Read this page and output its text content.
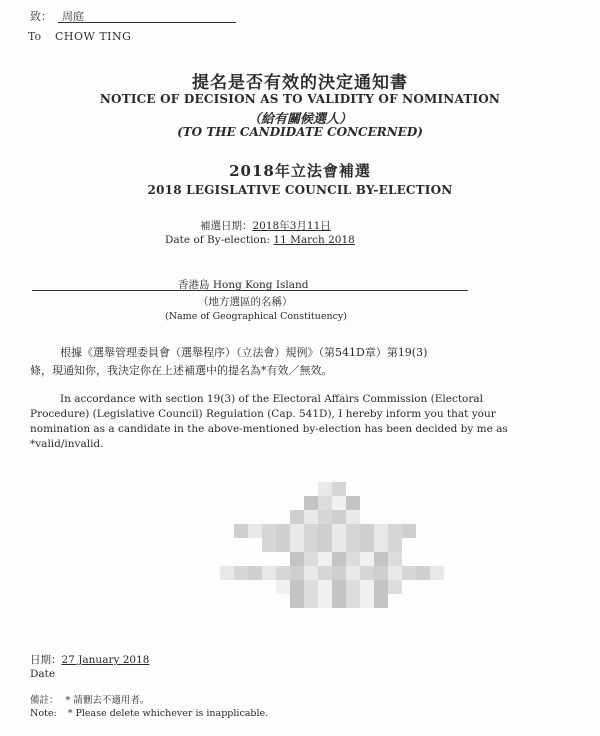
致： 周庭
To CHOW TING
提名是否有效的決定通知書
NOTICE OF DECISION AS TO VALIDITY OF NOMINATION
（給有關候選人）
(TO THE CANDIDATE CONCERNED)
2018年立法會補選
2018 LEGISLATIVE COUNCIL BY-ELECTION
補選日期：2018年3月11日
Date of By-election: 11 March 2018
香港島 Hong Kong Island
（地方選區的名稱）
(Name of Geographical Constituency)
根據《選舉管理委員會（選舉程序）（立法會）規例》（第541D章）第19(3)
條，現通知你，我決定你在上述補選中的提名為*有效／無效。
In accordance with section 19(3) of the Electoral Affairs Commission (Electoral
Procedure) (Legislative Council) Regulation (Cap. 541D), I hereby inform you that your
nomination as a candidate in the above-mentioned by-election has been decided by me as
*valid/invalid.
日期：27 January 2018
Date
備註： * 請刪去不適用者。
Note: * Please delete whichever is inapplicable.
